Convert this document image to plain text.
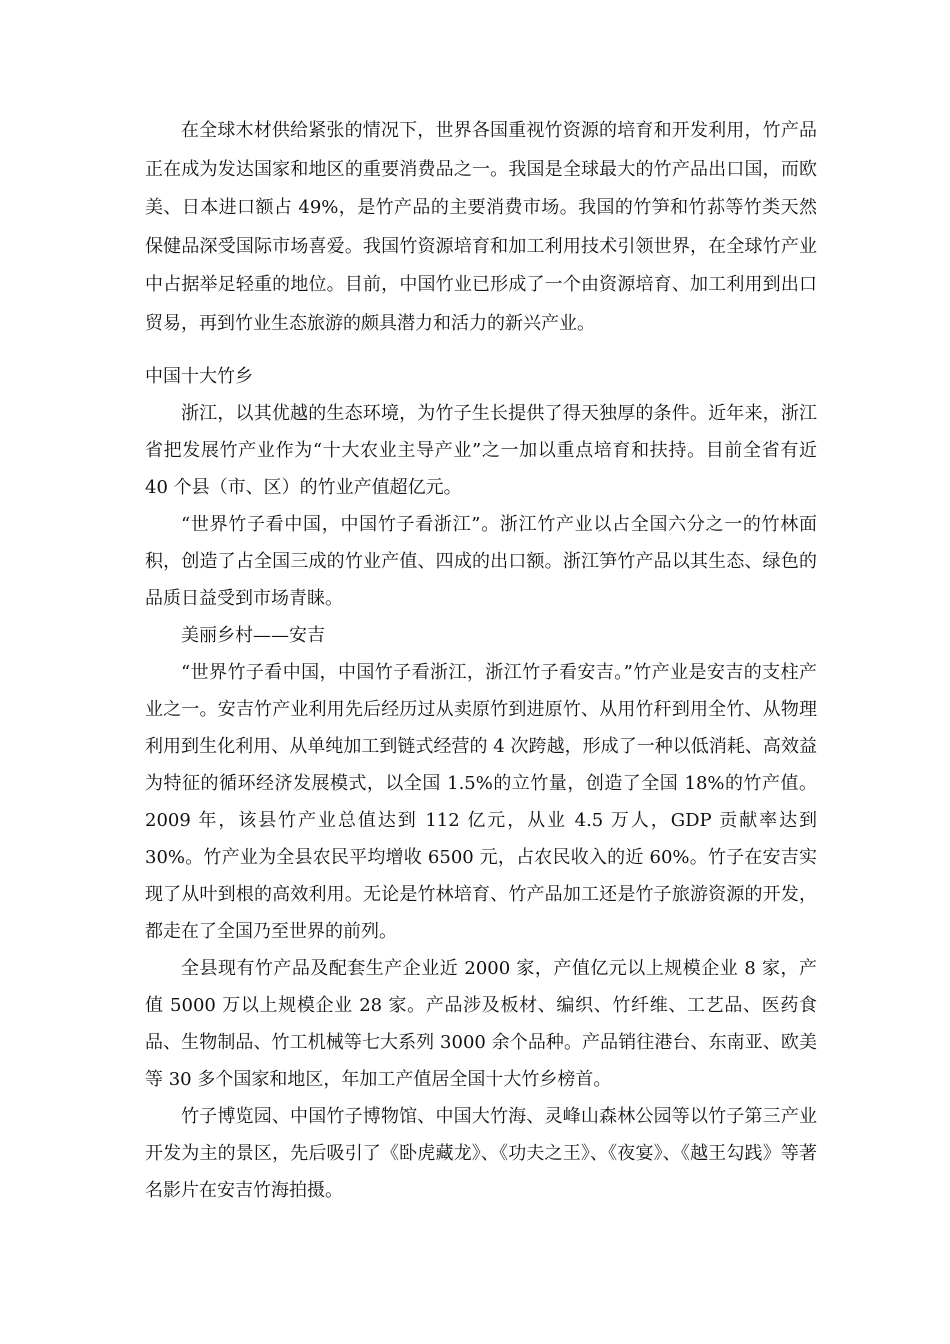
在全球木材供给紧张的情况下，世界各国重视竹资源的培育和开发利用，竹产品正在成为发达国家和地区的重要消费品之一。我国是全球最大的竹产品出口国，而欧美、日本进口额占 49%，是竹产品的主要消费市场。我国的竹笋和竹荪等竹类天然保健品深受国际市场喜爱。我国竹资源培育和加工利用技术引领世界，在全球竹产业中占据举足轻重的地位。目前，中国竹业已形成了一个由资源培育、加工利用到出口贸易，再到竹业生态旅游的颇具潜力和活力的新兴产业。

中国十大竹乡

浙江，以其优越的生态环境，为竹子生长提供了得天独厚的条件。近年来，浙江省把发展竹产业作为“十大农业主导产业”之一加以重点培育和扶持。目前全省有近 40 个县（市、区）的竹业产值超亿元。

“世界竹子看中国，中国竹子看浙江”。浙江竹产业以占全国六分之一的竹林面积，创造了占全国三成的竹业产值、四成的出口额。浙江笋竹产品以其生态、绿色的品质日益受到市场青睐。

美丽乡村——安吉

“世界竹子看中国，中国竹子看浙江，浙江竹子看安吉。”竹产业是安吉的支柱产业之一。安吉竹产业利用先后经历过从卖原竹到进原竹、从用竹秆到用全竹、从物理利用到生化利用、从单纯加工到链式经营的 4 次跨越，形成了一种以低消耗、高效益为特征的循环经济发展模式，以全国 1.5%的立竹量，创造了全国 18%的竹产值。2009 年，该县竹产业总值达到 112 亿元，从业 4.5 万人，GDP 贡献率达到 30%。竹产业为全县农民平均增收 6500 元，占农民收入的近 60%。竹子在安吉实现了从叶到根的高效利用。无论是竹林培育、竹产品加工还是竹子旅游资源的开发，都走在了全国乃至世界的前列。

全县现有竹产品及配套生产企业近 2000 家，产值亿元以上规模企业 8 家，产值 5000 万以上规模企业 28 家。产品涉及板材、编织、竹纤维、工艺品、医药食品、生物制品、竹工机械等七大系列 3000 余个品种。产品销往港台、东南亚、欧美等 30 多个国家和地区，年加工产值居全国十大竹乡榜首。

竹子博览园、中国竹子博物馆、中国大竹海、灵峰山森林公园等以竹子第三产业开发为主的景区，先后吸引了《卧虎藏龙》、《功夫之王》、《夜宴》、《越王勾践》等著名影片在安吉竹海拍摄。
